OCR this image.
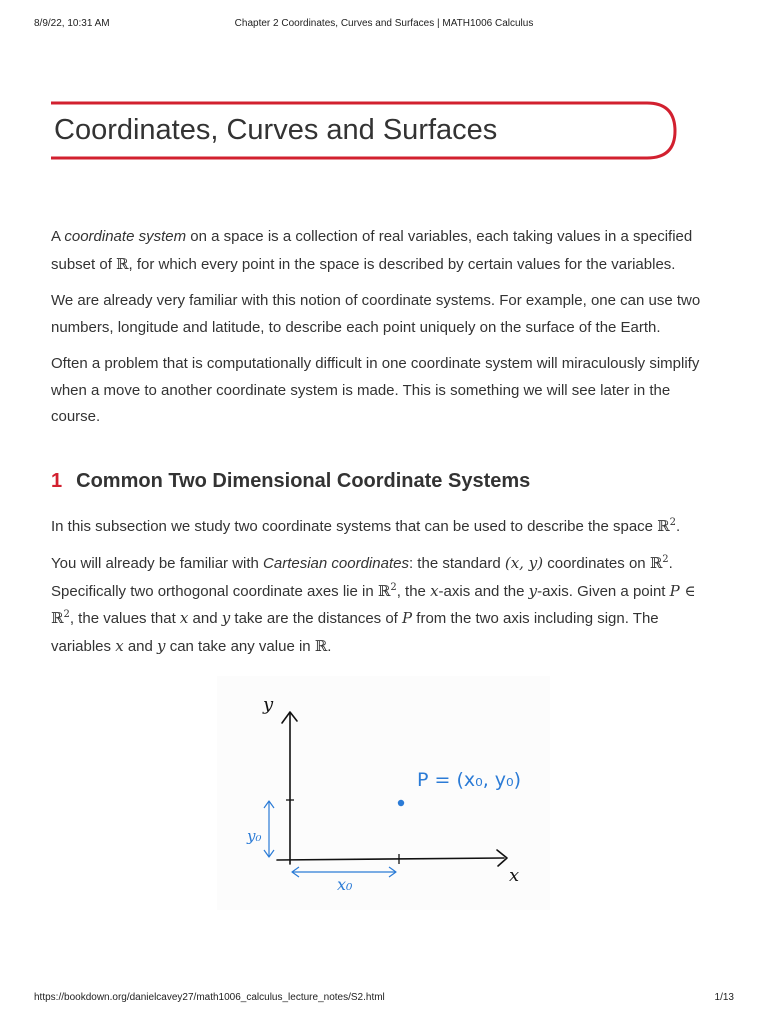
8/9/22, 10:31 AM	Chapter 2 Coordinates, Curves and Surfaces | MATH1006 Calculus
Coordinates, Curves and Surfaces

A coordinate system on a space is a collection of real variables, each taking values in a specified subset of ℝ, for which every point in the space is described by certain values for the variables.

We are already very familiar with this notion of coordinate systems. For example, one can use two numbers, longitude and latitude, to describe each point uniquely on the surface of the Earth.

Often a problem that is computationally difficult in one coordinate system will miraculously simplify when a move to another coordinate system is made. This is something we will see later in the course.

1 Common Two Dimensional Coordinate Systems

In this subsection we study two coordinate systems that can be used to describe the space ℝ$^2$.

You will already be familiar with Cartesian coordinates: the standard (x, y) coordinates on ℝ$^2$. Specifically two orthogonal coordinate axes lie in ℝ$^2$, the x-axis and the y-axis. Given a point P ∈ ℝ$^2$, the values that x and y take are the distances of P from the two axis including sign. The variables x and y can take any value in ℝ.

y
x
P = (x₀, y₀)
y₀
x₀
https://bookdown.org/danielcavey27/math1006_calculus_lecture_notes/S2.html	1/13
